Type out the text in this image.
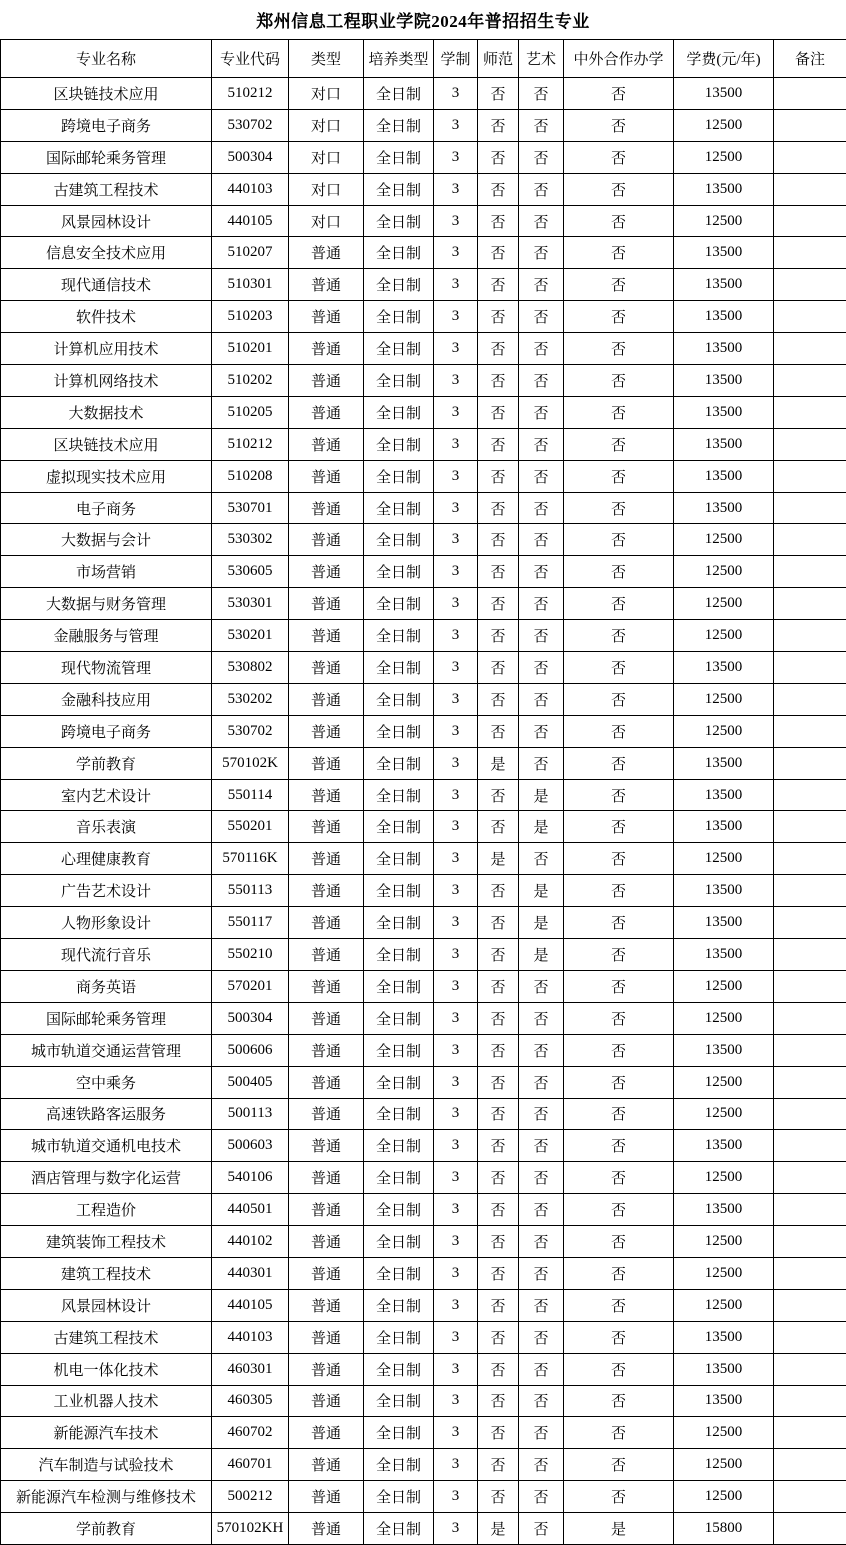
郑州信息工程职业学院2024年普招招生专业
专业名称	专业代码	类型	培养类型	学制	师范	艺术	中外合作办学	学费(元/年)	备注
区块链技术应用	510212	对口	全日制	3	否	否	否	13500	
跨境电子商务	530702	对口	全日制	3	否	否	否	12500	
国际邮轮乘务管理	500304	对口	全日制	3	否	否	否	12500	
古建筑工程技术	440103	对口	全日制	3	否	否	否	13500	
风景园林设计	440105	对口	全日制	3	否	否	否	12500	
信息安全技术应用	510207	普通	全日制	3	否	否	否	13500	
现代通信技术	510301	普通	全日制	3	否	否	否	13500	
软件技术	510203	普通	全日制	3	否	否	否	13500	
计算机应用技术	510201	普通	全日制	3	否	否	否	13500	
计算机网络技术	510202	普通	全日制	3	否	否	否	13500	
大数据技术	510205	普通	全日制	3	否	否	否	13500	
区块链技术应用	510212	普通	全日制	3	否	否	否	13500	
虚拟现实技术应用	510208	普通	全日制	3	否	否	否	13500	
电子商务	530701	普通	全日制	3	否	否	否	13500	
大数据与会计	530302	普通	全日制	3	否	否	否	12500	
市场营销	530605	普通	全日制	3	否	否	否	12500	
大数据与财务管理	530301	普通	全日制	3	否	否	否	12500	
金融服务与管理	530201	普通	全日制	3	否	否	否	12500	
现代物流管理	530802	普通	全日制	3	否	否	否	13500	
金融科技应用	530202	普通	全日制	3	否	否	否	12500	
跨境电子商务	530702	普通	全日制	3	否	否	否	12500	
学前教育	570102K	普通	全日制	3	是	否	否	13500	
室内艺术设计	550114	普通	全日制	3	否	是	否	13500	
音乐表演	550201	普通	全日制	3	否	是	否	13500	
心理健康教育	570116K	普通	全日制	3	是	否	否	12500	
广告艺术设计	550113	普通	全日制	3	否	是	否	13500	
人物形象设计	550117	普通	全日制	3	否	是	否	13500	
现代流行音乐	550210	普通	全日制	3	否	是	否	13500	
商务英语	570201	普通	全日制	3	否	否	否	12500	
国际邮轮乘务管理	500304	普通	全日制	3	否	否	否	12500	
城市轨道交通运营管理	500606	普通	全日制	3	否	否	否	13500	
空中乘务	500405	普通	全日制	3	否	否	否	12500	
高速铁路客运服务	500113	普通	全日制	3	否	否	否	12500	
城市轨道交通机电技术	500603	普通	全日制	3	否	否	否	13500	
酒店管理与数字化运营	540106	普通	全日制	3	否	否	否	12500	
工程造价	440501	普通	全日制	3	否	否	否	13500	
建筑装饰工程技术	440102	普通	全日制	3	否	否	否	12500	
建筑工程技术	440301	普通	全日制	3	否	否	否	12500	
风景园林设计	440105	普通	全日制	3	否	否	否	12500	
古建筑工程技术	440103	普通	全日制	3	否	否	否	13500	
机电一体化技术	460301	普通	全日制	3	否	否	否	13500	
工业机器人技术	460305	普通	全日制	3	否	否	否	13500	
新能源汽车技术	460702	普通	全日制	3	否	否	否	12500	
汽车制造与试验技术	460701	普通	全日制	3	否	否	否	12500	
新能源汽车检测与维修技术	500212	普通	全日制	3	否	否	否	12500	
学前教育	570102KH	普通	全日制	3	是	否	是	15800	
